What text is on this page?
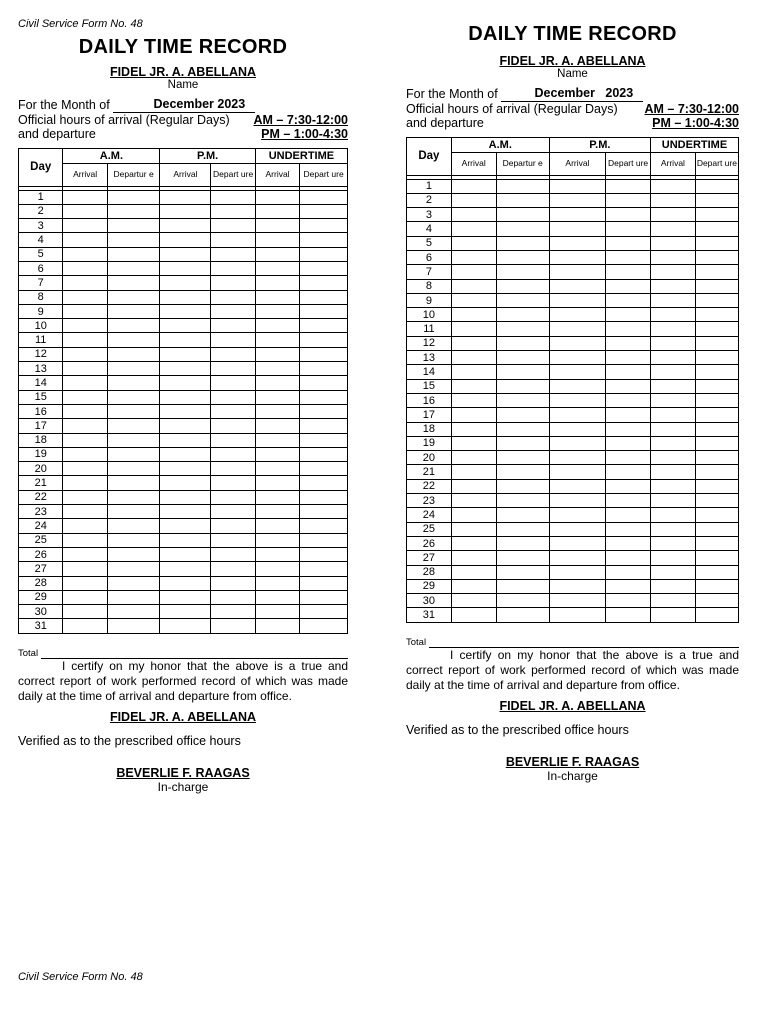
Civil Service Form No. 48
DAILY TIME RECORD
FIDEL JR. A. ABELLANA
Name
For the Month of
	December 2023
Official hours of arrival (Regular Days) AM – 7:30-12:00
and departure	PM – 1:00-4:30
Day	A.M.		P.M.		UNDERTIME	
	Arrival	Departur e	Arrival	Depart ure	Arrival	Depart ure

1						
2						
3						
4						
5						
6						
7						
8						
9						
10						
11						
12						
13						
14						
15						
16						
17						
18						
19						
20						
21						
22						
23						
24						
25						
26						
27						
28						
29						
30						
31						
Total
I certify on my honor that the above is a true and correct report of work performed record of which was made daily at the time of arrival and departure from office.
FIDEL JR. A. ABELLANA
Verified as to the prescribed office hours
BEVERLIE F. RAAGAS
In-charge
DAILY TIME RECORD
FIDEL JR. A. ABELLANA
Name
For the Month of
	December   2023
Official hours of arrival (Regular Days) AM – 7:30-12:00
and departure	PM – 1:00-4:30
Day	A.M.		P.M.		UNDERTIME	
	Arrival	Departur e	Arrival	Depart ure	Arrival	Depart ure

1						
2						
3						
4						
5						
6						
7						
8						
9						
10						
11						
12						
13						
14						
15						
16						
17						
18						
19						
20						
21						
22						
23						
24						
25						
26						
27						
28						
29						
30						
31						
Total
I certify on my honor that the above is a true and correct report of work performed record of which was made daily at the time of arrival and departure from office.
FIDEL JR. A. ABELLANA
Verified as to the prescribed office hours
BEVERLIE F. RAAGAS
In-charge
Civil Service Form No. 48
